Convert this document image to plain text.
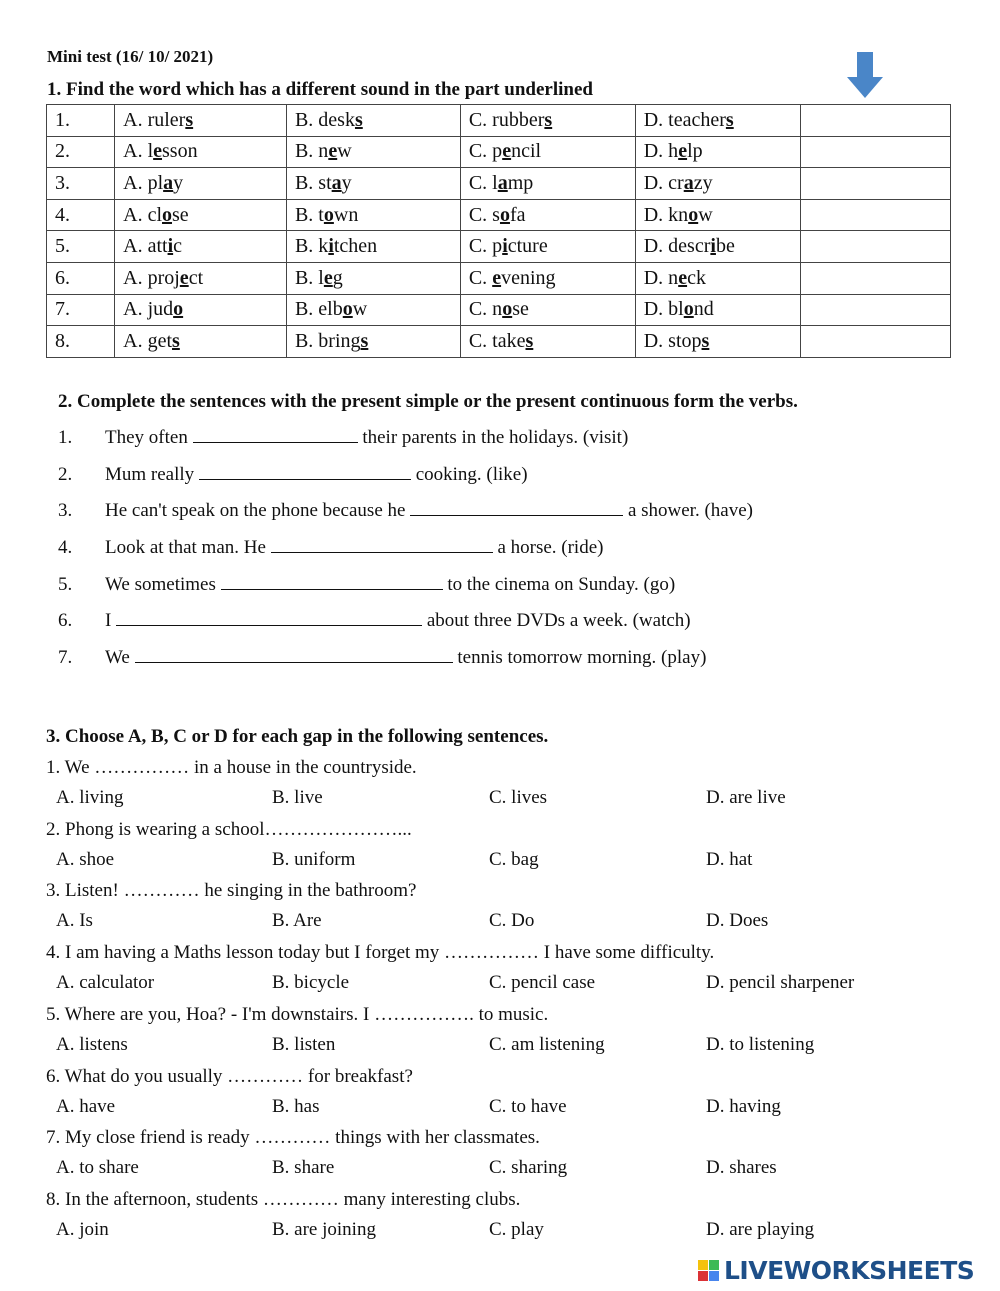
Mini test (16/ 10/ 2021)
1. Find the word which has a different sound in the part underlined
1.	A. rulers	B. desks	C. rubbers	D. teachers	
2.	A. lesson	B. new	C. pencil	D. help	
3.	A. play	B. stay	C. lamp	D. crazy	
4.	A. close	B. town	C. sofa	D. know	
5.	A. attic	B. kitchen	C. picture	D. describe	
6.	A. project	B. leg	C. evening	D. neck	
7.	A. judo	B. elbow	C. nose	D. blond	
8.	A. gets	B. brings	C. takes	D. stops	
2. Complete the sentences with the present simple or the present continuous form the verbs.
1. They often	their parents in the holidays. (visit)
2. Mum really	cooking. (like)
3. He can't speak on the phone because he	a shower. (have)
4. Look at that man. He	a horse. (ride)
5. We sometimes	to the cinema on Sunday. (go)
6. I	about three DVDs a week. (watch)
7. We	tennis tomorrow morning. (play)
3. Choose A, B, C or D for each gap in the following sentences.
1. We …………… in a house in the countryside.
A. living	B. live	C. lives	D. are live
2. Phong is wearing a school…………………...
A. shoe	B. uniform	C. bag	D. hat
3. Listen! ………… he singing in the bathroom?
A. Is	B. Are	C. Do	D. Does
4. I am having a Maths lesson today but I forget my …………… I have some difficulty.
A. calculator	B. bicycle	C. pencil case	D. pencil sharpener
5. Where are you, Hoa? - I'm downstairs. I ……………. to music.
A. listens	B. listen	C. am listening	D. to listening
6. What do you usually ………… for breakfast?
A. have	B. has	C. to have	D. having
7. My close friend is ready ………… things with her classmates.
A. to share	B. share	C. sharing	D. shares
8. In the afternoon, students ………… many interesting clubs.
A. join	B. are joining	C. play	D. are playing
LIVEWORKSHEETS
